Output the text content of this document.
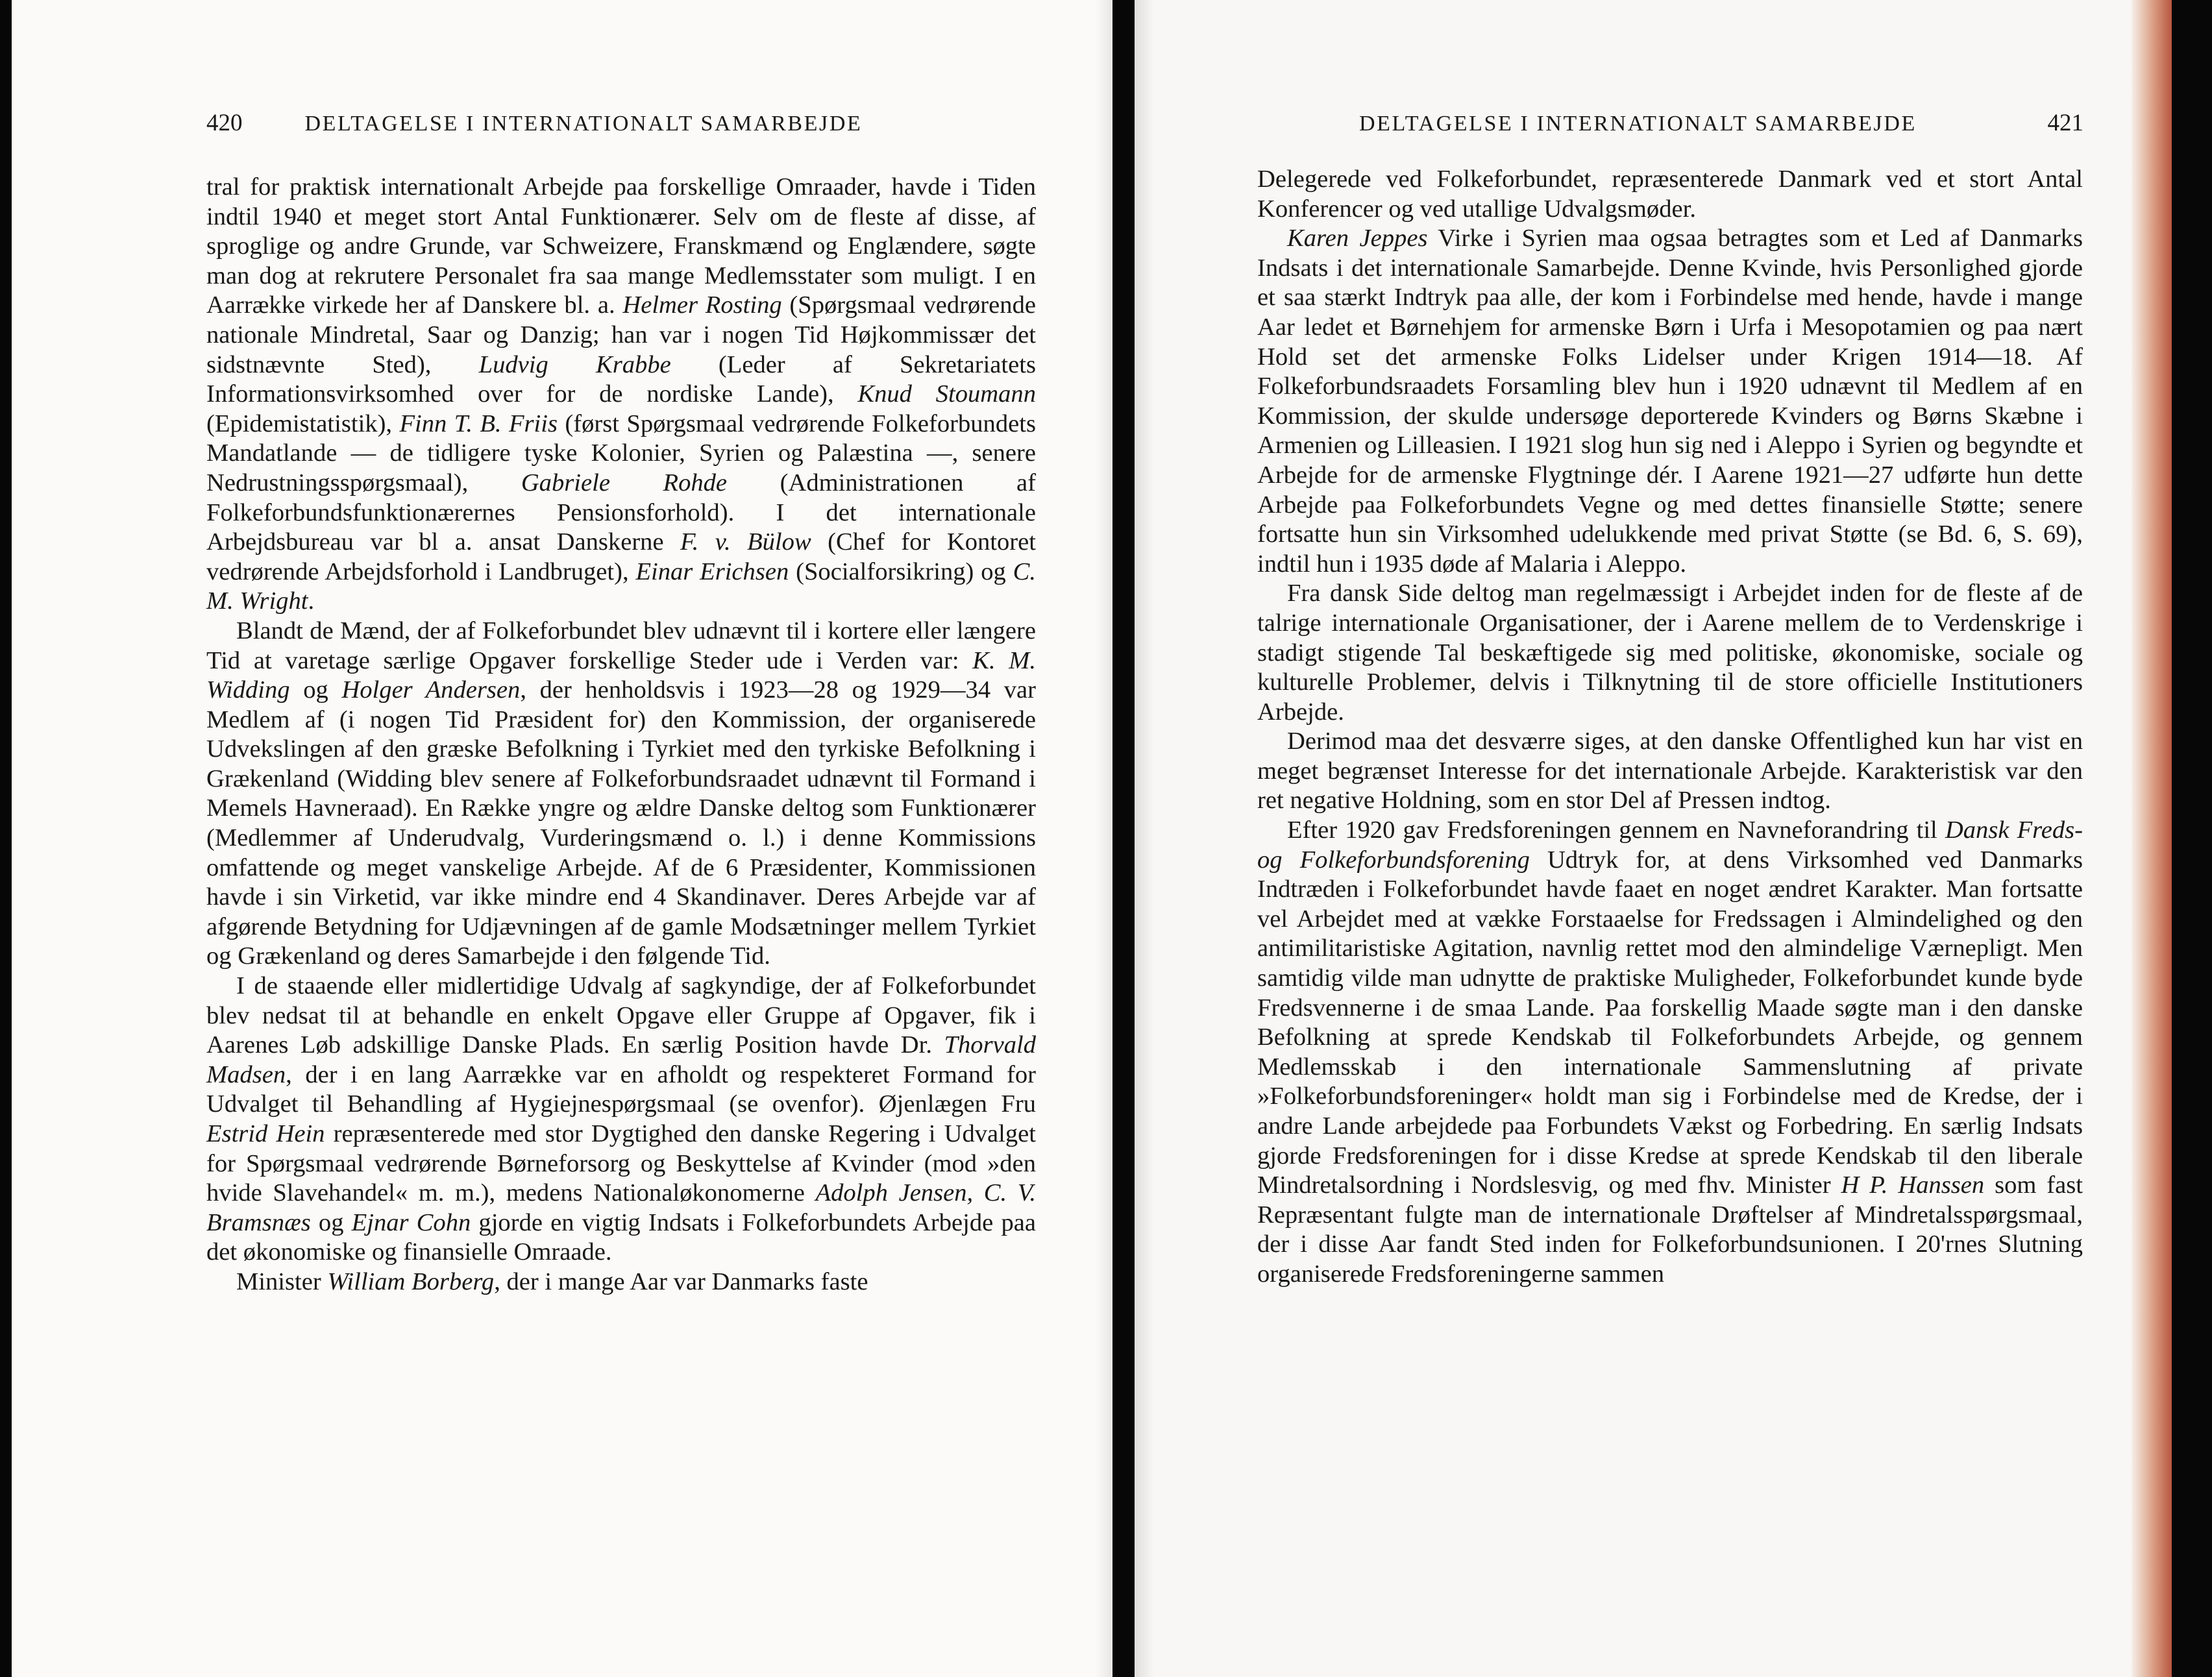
420	DELTAGELSE I INTERNATIONALT SAMARBEJDE

tral for praktisk internationalt Arbejde paa forskellige Omraader, havde i Tiden indtil 1940 et meget stort Antal Funktionærer. Selv om de fleste af disse, af sproglige og andre Grunde, var Schweizere, Franskmænd og Englændere, søgte man dog at rekrutere Personalet fra saa mange Medlemsstater som muligt. I en Aarrække virkede her af Danskere bl. a. Helmer Rosting (Spørgsmaal vedrørende nationale Mindretal, Saar og Danzig; han var i nogen Tid Højkommissær det sidstnævnte Sted), Ludvig Krabbe (Leder af Sekretariatets Informationsvirksomhed over for de nordiske Lande), Knud Stoumann (Epidemistatistik), Finn T. B. Friis (først Spørgsmaal vedrørende Folkeforbundets Mandatlande — de tidligere tyske Kolonier, Syrien og Palæstina —, senere Nedrustningsspørgsmaal), Gabriele Rohde (Administrationen af Folkeforbundsfunktionærernes Pensionsforhold). I det internationale Arbejdsbureau var bl a. ansat Danskerne F. v. Bülow (Chef for Kontoret vedrørende Arbejdsforhold i Landbruget), Einar Erichsen (Socialforsikring) og C. M. Wright.

Blandt de Mænd, der af Folkeforbundet blev udnævnt til i kortere eller længere Tid at varetage særlige Opgaver forskellige Steder ude i Verden var: K. M. Widding og Holger Andersen, der henholdsvis i 1923—28 og 1929—34 var Medlem af (i nogen Tid Præsident for) den Kommission, der organiserede Udvekslingen af den græske Befolkning i Tyrkiet med den tyrkiske Befolkning i Grækenland (Widding blev senere af Folkeforbundsraadet udnævnt til Formand i Memels Havneraad). En Række yngre og ældre Danske deltog som Funktionærer (Medlemmer af Underudvalg, Vurderingsmænd o. l.) i denne Kommissions omfattende og meget vanskelige Arbejde. Af de 6 Præsidenter, Kommissionen havde i sin Virketid, var ikke mindre end 4 Skandinaver. Deres Arbejde var af afgørende Betydning for Udjævningen af de gamle Modsætninger mellem Tyrkiet og Grækenland og deres Samarbejde i den følgende Tid.

I de staaende eller midlertidige Udvalg af sagkyndige, der af Folkeforbundet blev nedsat til at behandle en enkelt Opgave eller Gruppe af Opgaver, fik i Aarenes Løb adskillige Danske Plads. En særlig Position havde Dr. Thorvald Madsen, der i en lang Aarrække var en afholdt og respekteret Formand for Udvalget til Behandling af Hygiejnespørgsmaal (se ovenfor). Øjenlægen Fru Estrid Hein repræsenterede med stor Dygtighed den danske Regering i Udvalget for Spørgsmaal vedrørende Børneforsorg og Beskyttelse af Kvinder (mod »den hvide Slavehandel« m. m.), medens Nationaløkonomerne Adolph Jensen, C. V. Bramsnæs og Ejnar Cohn gjorde en vigtig Indsats i Folkeforbundets Arbejde paa det økonomiske og finansielle Omraade.

Minister William Borberg, der i mange Aar var Danmarks faste

DELTAGELSE I INTERNATIONALT SAMARBEJDE	421

Delegerede ved Folkeforbundet, repræsenterede Danmark ved et stort Antal Konferencer og ved utallige Udvalgsmøder.

Karen Jeppes Virke i Syrien maa ogsaa betragtes som et Led af Danmarks Indsats i det internationale Samarbejde. Denne Kvinde, hvis Personlighed gjorde et saa stærkt Indtryk paa alle, der kom i Forbindelse med hende, havde i mange Aar ledet et Børnehjem for armenske Børn i Urfa i Mesopotamien og paa nært Hold set det armenske Folks Lidelser under Krigen 1914—18. Af Folkeforbundsraadets Forsamling blev hun i 1920 udnævnt til Medlem af en Kommission, der skulde undersøge deporterede Kvinders og Børns Skæbne i Armenien og Lilleasien. I 1921 slog hun sig ned i Aleppo i Syrien og begyndte et Arbejde for de armenske Flygtninge dér. I Aarene 1921—27 udførte hun dette Arbejde paa Folkeforbundets Vegne og med dettes finansielle Støtte; senere fortsatte hun sin Virksomhed udelukkende med privat Støtte (se Bd. 6, S. 69), indtil hun i 1935 døde af Malaria i Aleppo.

Fra dansk Side deltog man regelmæssigt i Arbejdet inden for de fleste af de talrige internationale Organisationer, der i Aarene mellem de to Verdenskrige i stadigt stigende Tal beskæftigede sig med politiske, økonomiske, sociale og kulturelle Problemer, delvis i Tilknytning til de store officielle Institutioners Arbejde.

Derimod maa det desværre siges, at den danske Offentlighed kun har vist en meget begrænset Interesse for det internationale Arbejde. Karakteristisk var den ret negative Holdning, som en stor Del af Pressen indtog.

Efter 1920 gav Fredsforeningen gennem en Navneforandring til Dansk Freds- og Folkeforbundsforening Udtryk for, at dens Virksomhed ved Danmarks Indtræden i Folkeforbundet havde faaet en noget ændret Karakter. Man fortsatte vel Arbejdet med at vække Forstaaelse for Fredssagen i Almindelighed og den antimilitaristiske Agitation, navnlig rettet mod den almindelige Værnepligt. Men samtidig vilde man udnytte de praktiske Muligheder, Folkeforbundet kunde byde Fredsvennerne i de smaa Lande. Paa forskellig Maade søgte man i den danske Befolkning at sprede Kendskab til Folkeforbundets Arbejde, og gennem Medlemsskab i den internationale Sammenslutning af private »Folkeforbundsforeninger« holdt man sig i Forbindelse med de Kredse, der i andre Lande arbejdede paa Forbundets Vækst og Forbedring. En særlig Indsats gjorde Fredsforeningen for i disse Kredse at sprede Kendskab til den liberale Mindretalsordning i Nordslesvig, og med fhv. Minister H P. Hanssen som fast Repræsentant fulgte man de internationale Drøftelser af Mindretalsspørgsmaal, der i disse Aar fandt Sted inden for Folkeforbundsunionen. I 20'rnes Slutning organiserede Fredsforeningerne sammen
